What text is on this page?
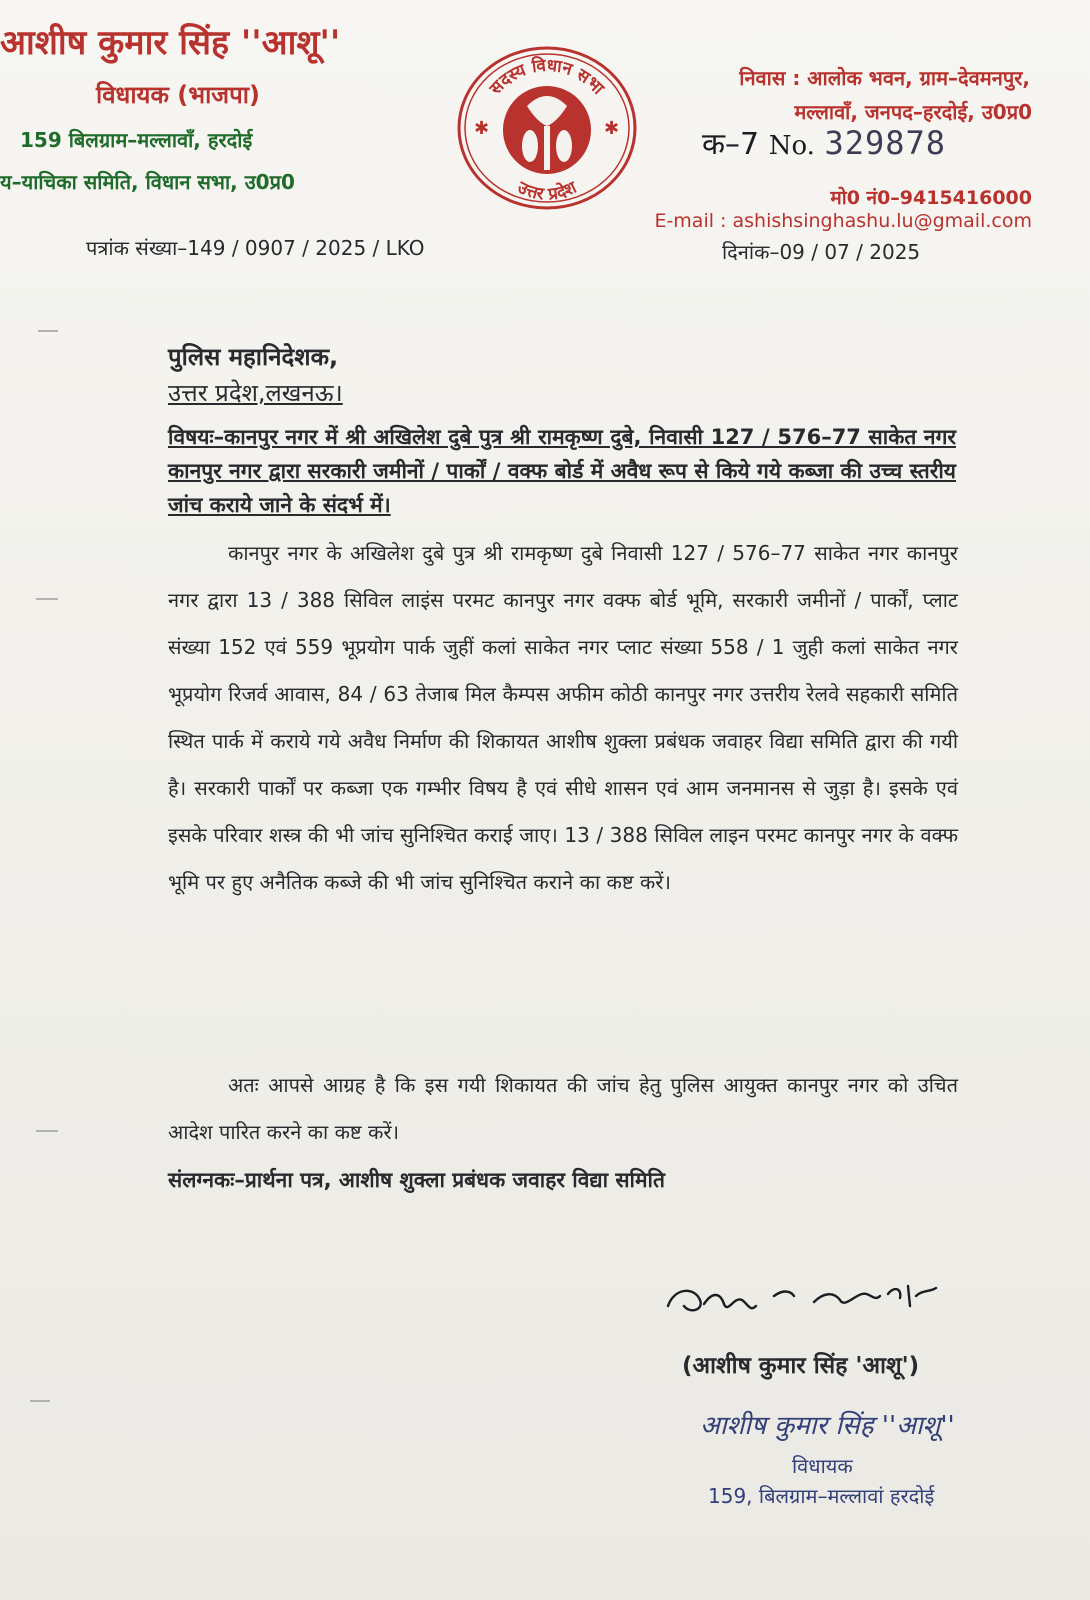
आशीष कुमार सिंह ''आशू''
विधायक (भाजपा)
159 बिलग्राम–मल्लावाँ, हरदोई
य–याचिका समिति, विधान सभा, उ0प्र0
सदस्य विधान सभा
उत्तर प्रदेश
✱	✱
निवास : आलोक भवन, ग्राम–देवमनपुर,
मल्लावाँ, जनपद–हरदोई, उ0प्र0
क–7 No. 329878
मो0 नं0–9415416000
E-mail : ashishsinghashu.lu@gmail.com
पत्रांक संख्या–149 / 0907 / 2025 / LKO	दिनांक–09 / 07 / 2025
पुलिस महानिदेशक,
उत्तर प्रदेश,लखनऊ।
विषयः–कानपुर नगर में श्री अखिलेश दुबे पुत्र श्री रामकृष्ण दुबे, निवासी 127 / 576–77 साकेत नगर कानपुर नगर द्वारा सरकारी जमीनों / पार्कों / वक्फ बोर्ड में अवैध रूप से किये गये कब्जा की उच्च स्तरीय जांच कराये जाने के संदर्भ में।
कानपुर नगर के अखिलेश दुबे पुत्र श्री रामकृष्ण दुबे निवासी 127 / 576–77 साकेत नगर कानपुर नगर द्वारा 13 / 388 सिविल लाइंस परमट कानपुर नगर वक्फ बोर्ड भूमि, सरकारी जमीनों / पार्कों, प्लाट संख्या 152 एवं 559 भूप्रयोग पार्क जुहीं कलां साकेत नगर प्लाट संख्या 558 / 1 जुही कलां साकेत नगर भूप्रयोग रिजर्व आवास, 84 / 63 तेजाब मिल कैम्पस अफीम कोठी कानपुर नगर उत्तरीय रेलवे सहकारी समिति स्थित पार्क में कराये गये अवैध निर्माण की शिकायत आशीष शुक्ला प्रबंधक जवाहर विद्या समिति द्वारा की गयी है। सरकारी पार्कों पर कब्जा एक गम्भीर विषय है एवं सीधे शासन एवं आम जनमानस से जुड़ा है। इसके एवं इसके परिवार शस्त्र की भी जांच सुनिश्चित कराई जाए। 13 / 388 सिविल लाइन परमट कानपुर नगर के वक्फ भूमि पर हुए अनैतिक कब्जे की भी जांच सुनिश्चित कराने का कष्ट करें।
अतः आपसे आग्रह है कि इस गयी शिकायत की जांच हेतु पुलिस आयुक्त कानपुर नगर को उचित आदेश पारित करने का कष्ट करें।
संलग्नकः–प्रार्थना पत्र, आशीष शुक्ला प्रबंधक जवाहर विद्या समिति
(आशीष कुमार सिंह 'आशू')
आशीष कुमार सिंह ''आशू''
विधायक
159, बिलग्राम–मल्लावां हरदोई
